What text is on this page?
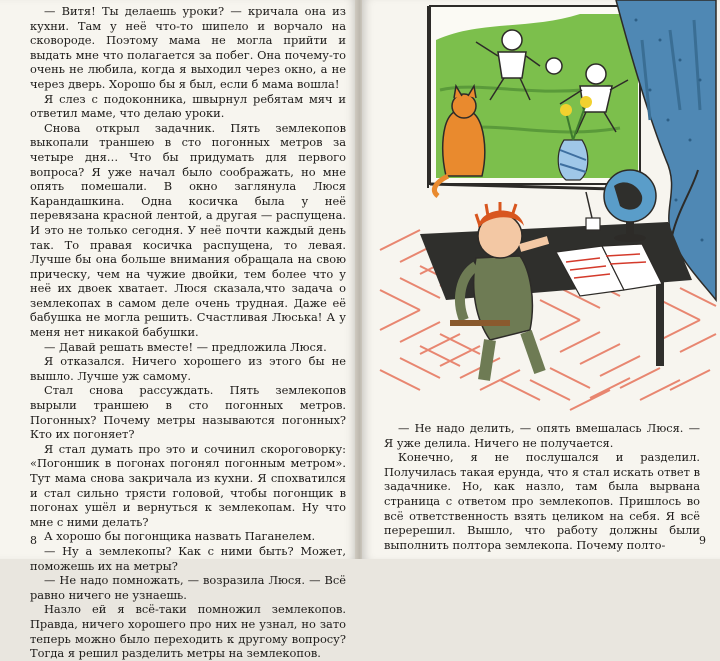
— Витя! Ты делаешь уроки? — кричала она из кухни. Там у неё что-то шипело и ворчало на сковороде. Поэтому мама не могла прийти и выдать мне что полагается за побег. Она почему-то очень не любила, когда я выходил через окно, а не через дверь. Хорошо бы я был, если б мама вошла!

Я слез с подоконника, швырнул ребятам мяч и ответил маме, что делаю уроки.

Снова открыл задачник. Пять землекопов выкопали траншею в сто погонных метров за четыре дня… Что бы придумать для первого вопроса? Я уже начал было соображать, но мне опять помешали. В окно заглянула Люся Карандашкина. Одна косичка была у неё перевязана красной лентой, а другая — распущена. И это не только сегодня. У неё почти каждый день так. То правая косичка распущена, то левая. Лучше бы она больше внимания обращала на свою прическу, чем на чужие двойки, тем более что у неё их двоек хватает. Люся сказала,что задача о землекопах в самом деле очень трудная. Даже её бабушка не могла решить. Счастливая Люська! А у меня нет никакой бабушки.

— Давай решать вместе! — предложила Люся.

Я отказался. Ничего хорошего из этого бы не вышло. Лучше уж самому.

Стал снова рассуждать. Пять землекопов вырыли траншею в сто погонных метров. Погонных? Почему метры называются погонных? Кто их погоняет?

Я стал думать про это и сочинил скороговорку: «Погоншик в погонах погонял погонным метром». Тут мама снова закричала из кухни. Я спохватился и стал сильно трясти головой, чтобы погонщик в погонах ушёл и вернуться к землекопам. Ну что мне с ними делать?

А хорошо бы погонщика назвать Паганелем.

— Ну а землекопы? Как с ними быть? Может, поможешь их на метры?

— Не надо помножать, — возразила Люся. — Всё равно ничего не узнаешь.

Назло ей я всё-таки помножил землекопов. Правда, ничего хорошего про них не узнал, но зато теперь можно было переходить к другому вопросу? Тогда я решил разделить метры на землекопов.

8

— Не надо делить, — опять вмешалась Люся. — Я уже делила. Ничего не получается.

Конечно, я не послушался и разделил. Получилась такая ерунда, что я стал искать ответ в задачнике. Но, как назло, там была вырвана страница с ответом про землекопов. Пришлось во всё ответственность взять целиком на себя. Я всё перерешил. Вышло, что работу должны были выполнить полтора землекопа. Почему полто-	9
